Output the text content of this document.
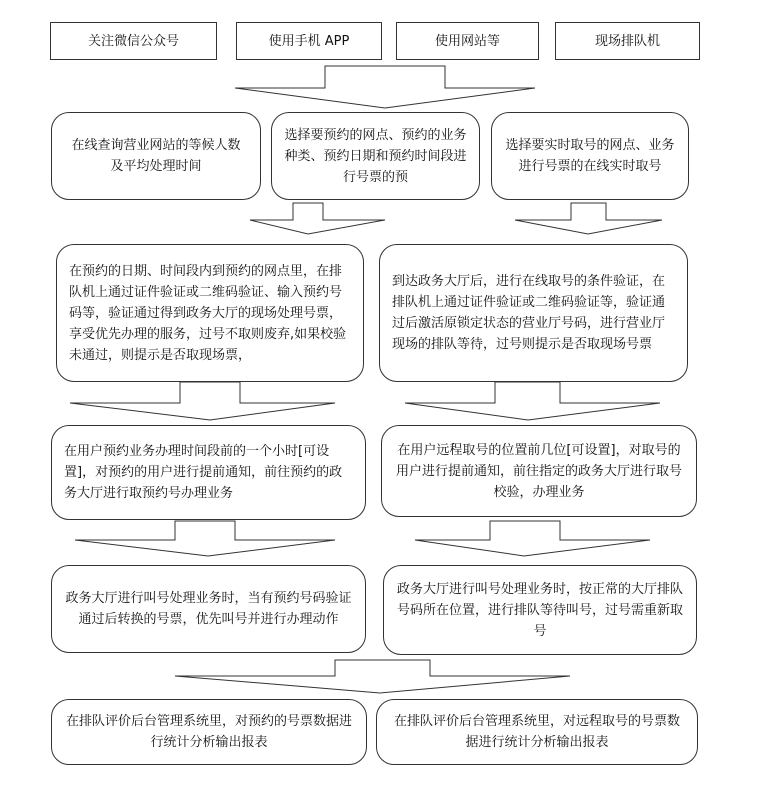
关注微信公众号	使用手机 APP	使用网站等	现场排队机
在线查询营业网站的等候人数及平均处理时间
选择要预约的网点、预约的业务种类、预约日期和预约时间段进行号票的预
选择要实时取号的网点、业务进行号票的在线实时取号
在预约的日期、时间段内到预约的网点里，在排队机上通过证件验证或二维码验证、输入预约号码等，验证通过得到政务大厅的现场处理号票，享受优先办理的服务，过号不取则废弃,如果校验未通过，则提示是否取现场票，
到达政务大厅后，进行在线取号的条件验证，在排队机上通过证件验证或二维码验证等，验证通过后激活原锁定状态的营业厅号码，进行营业厅现场的排队等待，过号则提示是否取现场号票
在用户预约业务办理时间段前的一个小时[可设置]，对预约的用户进行提前通知，前往预约的政务大厅进行取预约号办理业务
在用户远程取号的位置前几位[可设置]，对取号的用户进行提前通知，前往指定的政务大厅进行取号校验，办理业务
政务大厅进行叫号处理业务时，当有预约号码验证通过后转换的号票，优先叫号并进行办理动作
政务大厅进行叫号处理业务时，按正常的大厅排队号码所在位置，进行排队等待叫号，过号需重新取号
在排队评价后台管理系统里，对预约的号票数据进行统计分析输出报表
在排队评价后台管理系统里，对远程取号的号票数据进行统计分析输出报表
